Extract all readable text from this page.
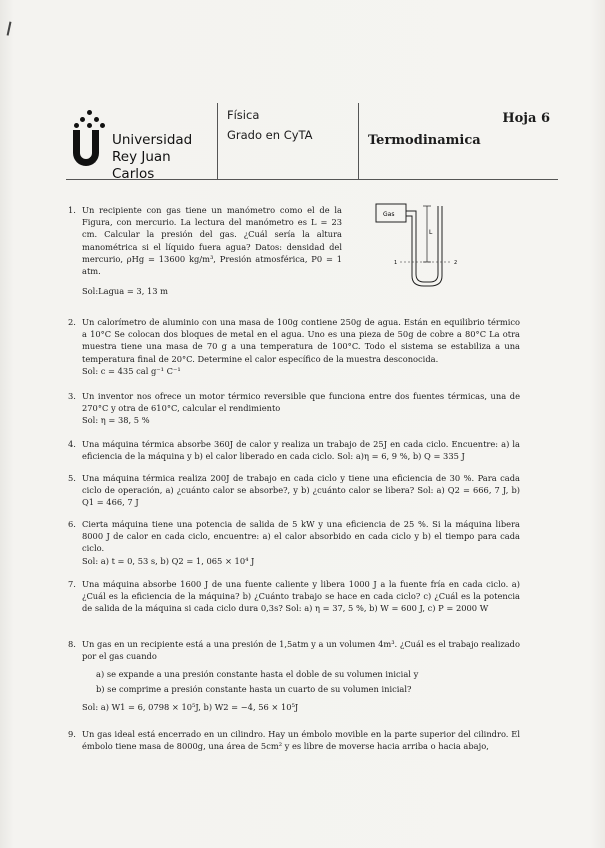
Universidad
Rey Juan Carlos
Física
Grado en CyTA	Termodinamica
Hoja 6
Gas
L
1	2
1. Un recipiente con gas tiene un manómetro como el de la Figura, con mercurio. La lectura del manómetro es L = 23 cm. Calcular la presión del gas. ¿Cuál sería la altura manométrica si el líquido fuera agua? Datos: densidad del mercurio, ρHg = 13600 kg/m³, Presión atmosférica, P0 = 1 atm.
Sol:Lagua = 3, 13 m
2. Un calorímetro de aluminio con una masa de 100g contiene 250g de agua. Están en equilibrio térmico a 10°C Se colocan dos bloques de metal en el agua. Uno es una pieza de 50g de cobre a 80°C La otra muestra tiene una masa de 70 g a una temperatura de 100°C. Todo el sistema se estabiliza a una temperatura final de 20°C. Determine el calor específico de la muestra desconocida.
Sol: c = 435 cal g⁻¹ C⁻¹
3. Un inventor nos ofrece un motor térmico reversible que funciona entre dos fuentes térmicas, una de 270°C y otra de 610°C, calcular el rendimiento
Sol: η = 38, 5 %
4. Una máquina térmica absorbe 360J de calor y realiza un trabajo de 25J en cada ciclo. Encuentre: a) la eficiencia de la máquina y b) el calor liberado en cada ciclo. Sol: a)η = 6, 9 %, b) Q = 335 J
5. Una máquina térmica realiza 200J de trabajo en cada ciclo y tiene una eficiencia de 30 %. Para cada ciclo de operación, a) ¿cuánto calor se absorbe?, y b) ¿cuánto calor se libera? Sol: a) Q2 = 666, 7 J, b) Q1 = 466, 7 J
6. Cierta máquina tiene una potencia de salida de 5 kW y una eficiencia de 25 %. Si la máquina libera 8000 J de calor en cada ciclo, encuentre: a) el calor absorbido en cada ciclo y b) el tiempo para cada ciclo.
Sol: a) t = 0, 53 s, b) Q2 = 1, 065 × 10⁴ J
7. Una máquina absorbe 1600 J de una fuente caliente y libera 1000 J a la fuente fría en cada ciclo. a) ¿Cuál es la eficiencia de la máquina? b) ¿Cuánto trabajo se hace en cada ciclo? c) ¿Cuál es la potencia de salida de la máquina si cada ciclo dura 0,3s? Sol: a) η = 37, 5 %, b) W = 600 J, c) P = 2000 W
8. Un gas en un recipiente está a una presión de 1,5atm y a un volumen 4m³. ¿Cuál es el trabajo realizado por el gas cuando
a) se expande a una presión constante hasta el doble de su volumen inicial y
b) se comprime a presión constante hasta un cuarto de su volumen inicial?
Sol: a) W1 = 6, 0798 × 10⁵J, b) W2 = −4, 56 × 10⁵J
9. Un gas ideal está encerrado en un cilindro. Hay un émbolo movible en la parte superior del cilindro. El émbolo tiene masa de 8000g, una área de 5cm² y es libre de moverse hacia arriba o hacia abajo,
